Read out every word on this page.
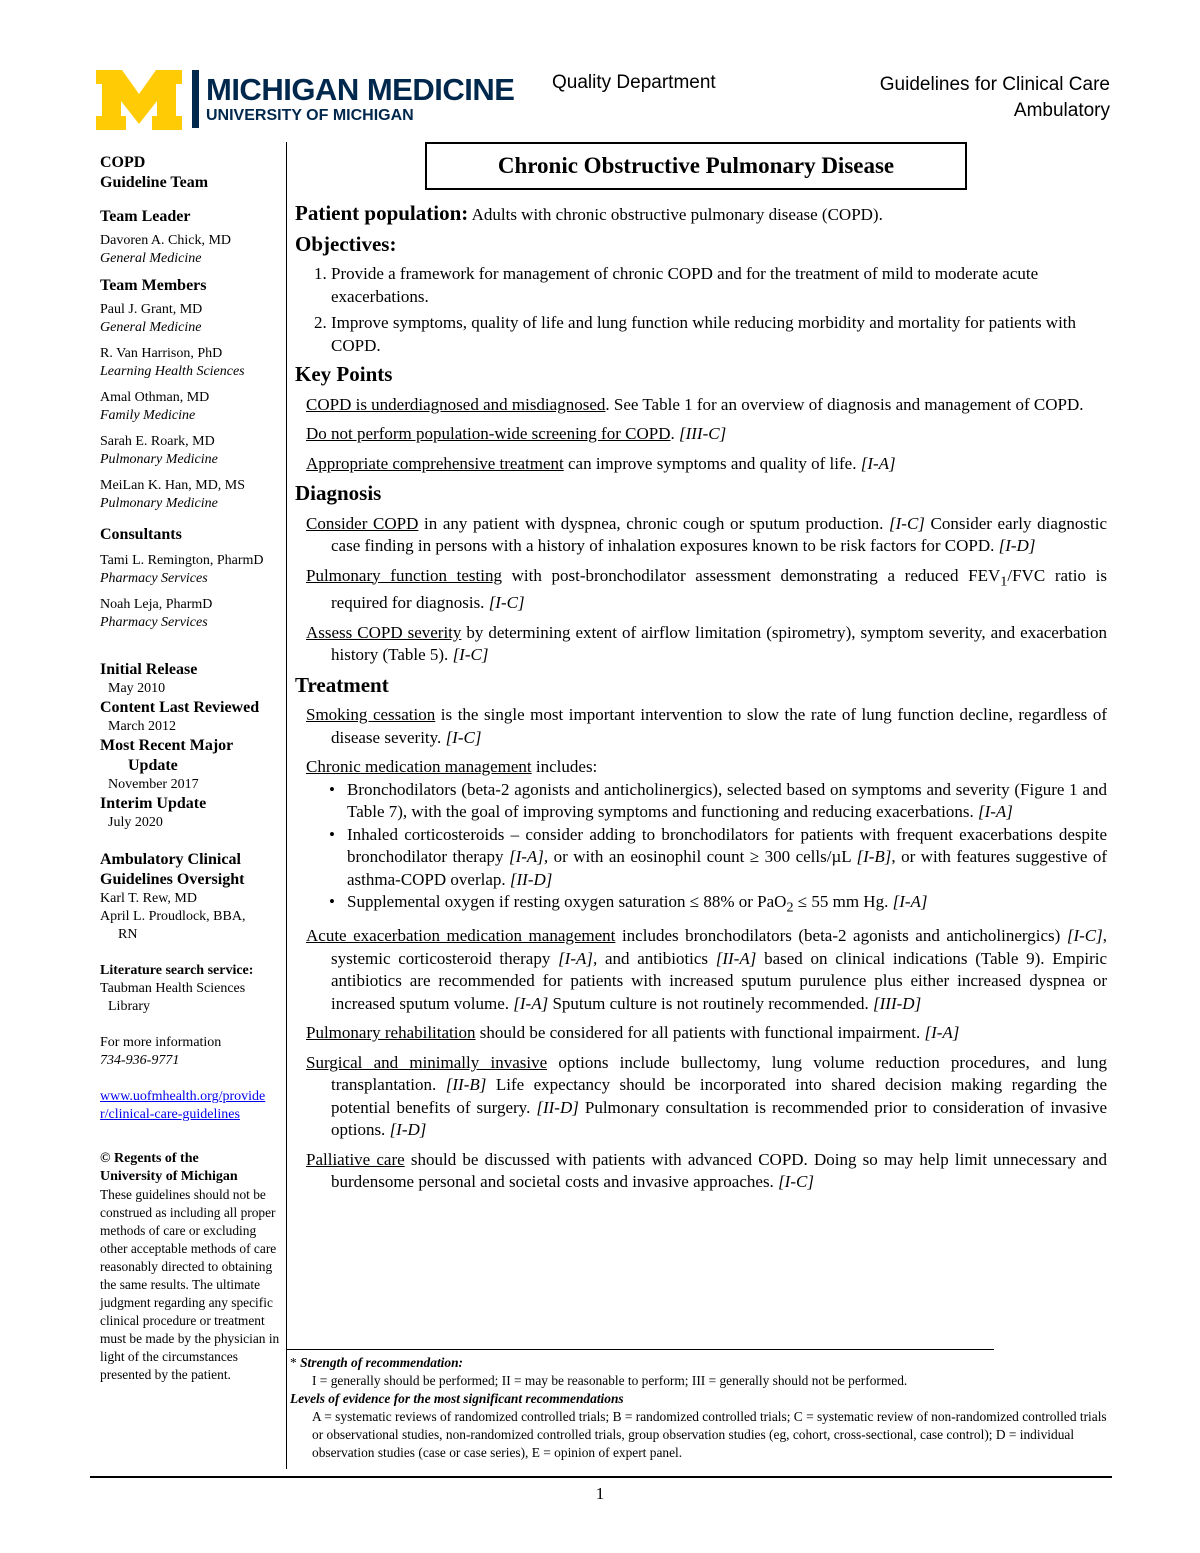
MICHIGAN MEDICINE
UNIVERSITY OF MICHIGAN
Quality Department	Guidelines for Clinical Care
Ambulatory
COPD
Guideline Team
Team Leader
Davoren A. Chick, MD
General Medicine
Team Members
Paul J. Grant, MD
General Medicine
R. Van Harrison, PhD
Learning Health Sciences
Amal Othman, MD
Family Medicine
Sarah E. Roark, MD
Pulmonary Medicine
MeiLan K. Han, MD, MS
Pulmonary Medicine
Consultants
Tami L. Remington, PharmD
Pharmacy Services
Noah Leja, PharmD
Pharmacy Services
Initial Release
May 2010
Content Last Reviewed
March 2012
Most Recent Major
Update
November 2017
Interim Update
July 2020
Ambulatory Clinical
Guidelines Oversight
Karl T. Rew, MD
April L. Proudlock, BBA,
RN
Literature search service:
Taubman Health Sciences
Library
For more information
734-936-9771
www.uofmhealth.org/provide
r/clinical-care-guidelines
© Regents of the
University of Michigan
These guidelines should not be construed as including all proper methods of care or excluding other acceptable methods of care reasonably directed to obtaining the same results. The ultimate judgment regarding any specific clinical procedure or treatment must be made by the physician in light of the circumstances presented by the patient.
Chronic Obstructive Pulmonary Disease
Patient population: Adults with chronic obstructive pulmonary disease (COPD).
Objectives:
1. Provide a framework for management of chronic COPD and for the treatment of mild to moderate acute exacerbations.
2. Improve symptoms, quality of life and lung function while reducing morbidity and mortality for patients with COPD.
Key Points

COPD is underdiagnosed and misdiagnosed. See Table 1 for an overview of diagnosis and management of COPD.

Do not perform population-wide screening for COPD. [III-C]

Appropriate comprehensive treatment can improve symptoms and quality of life. [I-A]

Diagnosis

Consider COPD in any patient with dyspnea, chronic cough or sputum production. [I-C] Consider early diagnostic case finding in persons with a history of inhalation exposures known to be risk factors for COPD. [I-D]

Pulmonary function testing with post-bronchodilator assessment demonstrating a reduced $FEV_1$/FVC ratio is required for diagnosis. [I-C]

Assess COPD severity by determining extent of airflow limitation (spirometry), symptom severity, and exacerbation history (Table 5). [I-C]

Treatment

Smoking cessation is the single most important intervention to slow the rate of lung function decline, regardless of disease severity. [I-C]

Chronic medication management includes:

• Bronchodilators (beta-2 agonists and anticholinergics), selected based on symptoms and severity (Figure 1 and Table 7), with the goal of improving symptoms and functioning and reducing exacerbations. [I-A]
• Inhaled corticosteroids – consider adding to bronchodilators for patients with frequent exacerbations despite bronchodilator therapy [I-A], or with an eosinophil count ≥ 300 cells/µL [I-B], or with features suggestive of asthma-COPD overlap. [II-D]
• Supplemental oxygen if resting oxygen saturation ≤ 88% or PaO$_2$ ≤ 55 mm Hg. [I-A]

Acute exacerbation medication management includes bronchodilators (beta-2 agonists and anticholinergics) [I-C], systemic corticosteroid therapy [I-A], and antibiotics [II-A] based on clinical indications (Table 9). Empiric antibiotics are recommended for patients with increased sputum purulence plus either increased dyspnea or increased sputum volume. [I-A] Sputum culture is not routinely recommended. [III-D]

Pulmonary rehabilitation should be considered for all patients with functional impairment. [I-A]

Surgical and minimally invasive options include bullectomy, lung volume reduction procedures, and lung transplantation. [II-B] Life expectancy should be incorporated into shared decision making regarding the potential benefits of surgery. [II-D] Pulmonary consultation is recommended prior to consideration of invasive options. [I-D]

Palliative care should be discussed with patients with advanced COPD. Doing so may help limit unnecessary and burdensome personal and societal costs and invasive approaches. [I-C]

* Strength of recommendation:
I = generally should be performed; II = may be reasonable to perform; III = generally should not be performed.
Levels of evidence for the most significant recommendations
A = systematic reviews of randomized controlled trials; B = randomized controlled trials; C = systematic review of non-randomized controlled trials or observational studies, non-randomized controlled trials, group observation studies (eg, cohort, cross-sectional, case control); D = individual observation studies (case or case series), E = opinion of expert panel.
1
